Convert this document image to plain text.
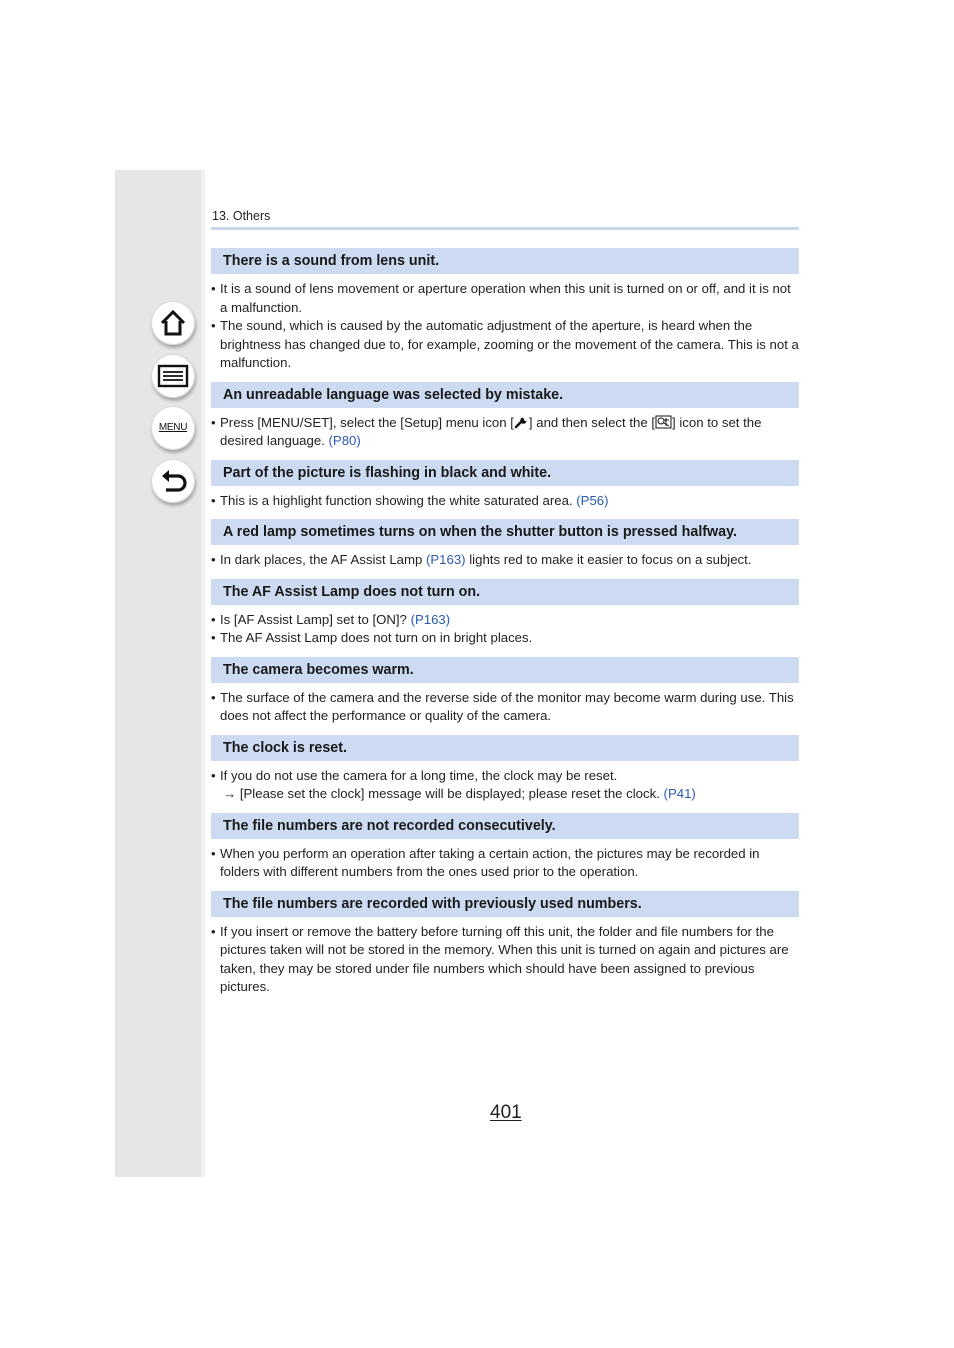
MENU
13. Others
There is a sound from lens unit.
• It is a sound of lens movement or aperture operation when this unit is turned on or off, and it is not a malfunction.
• The sound, which is caused by the automatic adjustment of the aperture, is heard when the brightness has changed due to, for example, zooming or the movement of the camera. This is not a malfunction.
An unreadable language was selected by mistake.
• Press [MENU/SET], select the [Setup] menu icon [ ] and then select the [ ] icon to set the desired language. (P80)
Part of the picture is flashing in black and white.
• This is a highlight function showing the white saturated area. (P56)
A red lamp sometimes turns on when the shutter button is pressed halfway.
• In dark places, the AF Assist Lamp (P163) lights red to make it easier to focus on a subject.
The AF Assist Lamp does not turn on.
• Is [AF Assist Lamp] set to [ON]? (P163)
• The AF Assist Lamp does not turn on in bright places.
The camera becomes warm.
• The surface of the camera and the reverse side of the monitor may become warm during use. This does not affect the performance or quality of the camera.
The clock is reset.
• If you do not use the camera for a long time, the clock may be reset.
→ [Please set the clock] message will be displayed; please reset the clock. (P41)
The file numbers are not recorded consecutively.
• When you perform an operation after taking a certain action, the pictures may be recorded in folders with different numbers from the ones used prior to the operation.
The file numbers are recorded with previously used numbers.
• If you insert or remove the battery before turning off this unit, the folder and file numbers for the pictures taken will not be stored in the memory. When this unit is turned on again and pictures are taken, they may be stored under file numbers which should have been assigned to previous pictures.
401
